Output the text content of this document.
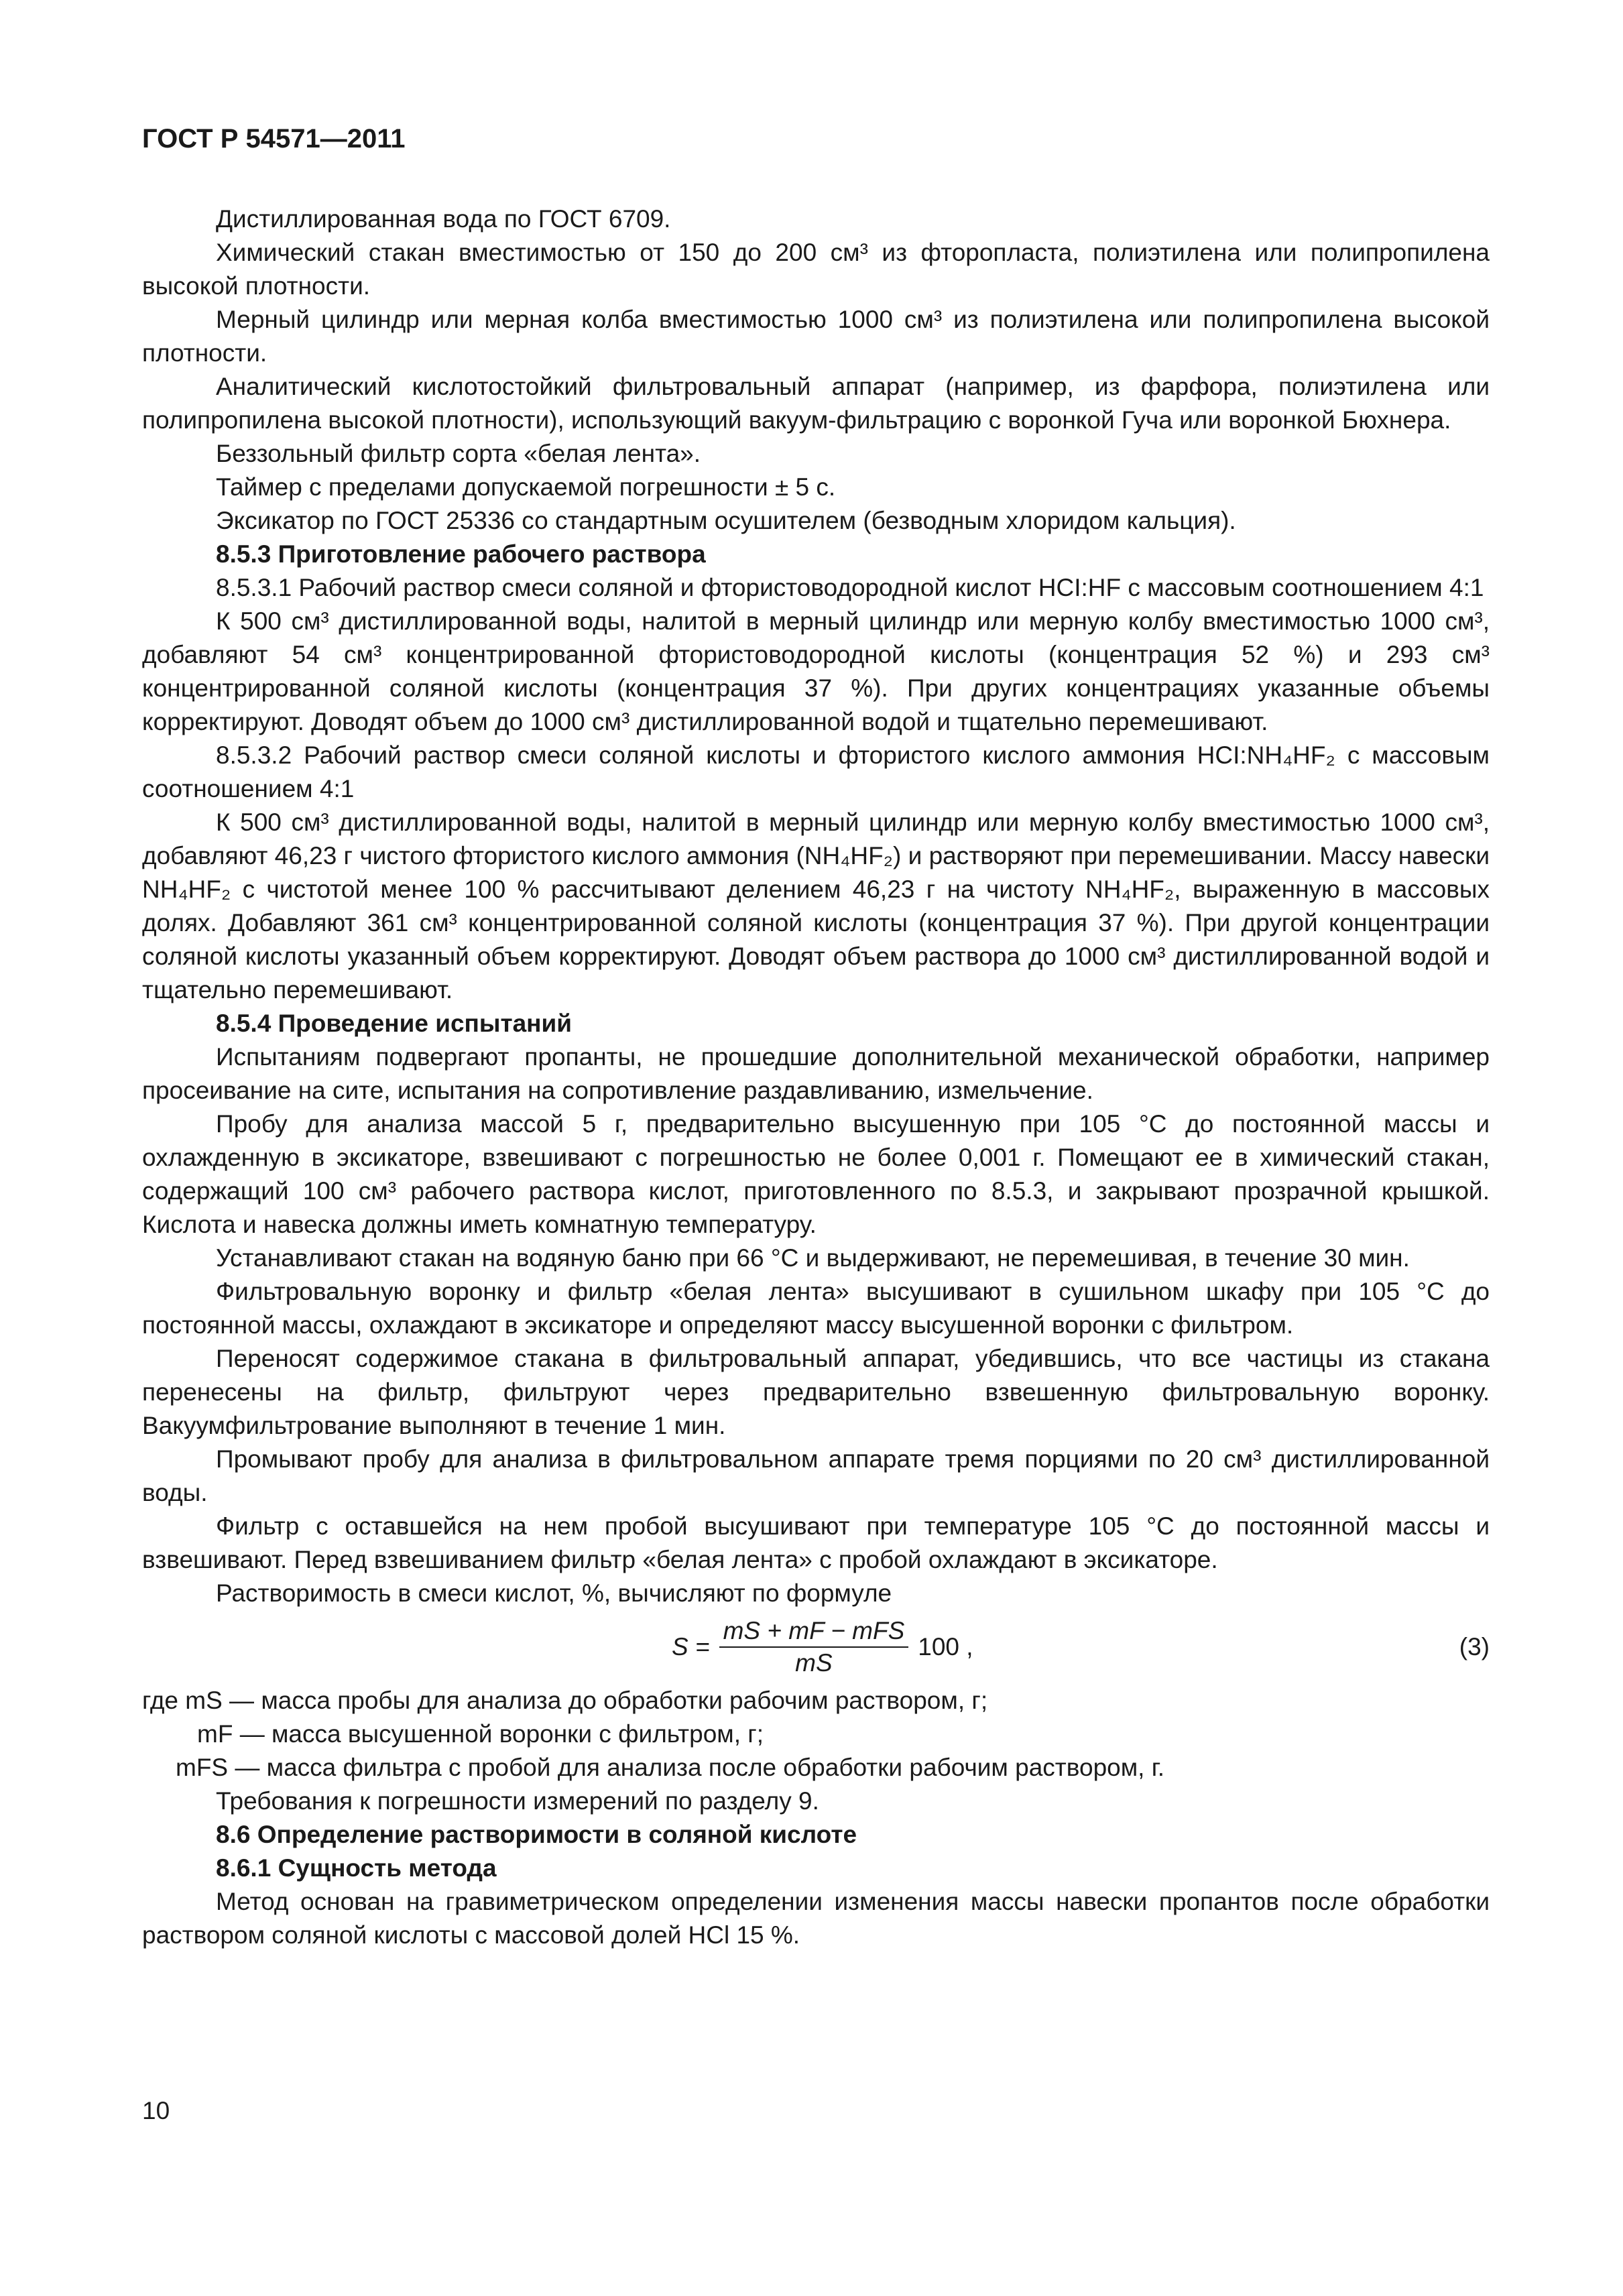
ГОСТ Р 54571—2011
Дистиллированная вода по ГОСТ 6709.
Химический стакан вместимостью от 150 до 200 см³ из фторопласта, полиэтилена или полипропилена высокой плотности.
Мерный цилиндр или мерная колба вместимостью 1000 см³ из полиэтилена или полипропилена высокой плотности.
Аналитический кислотостойкий фильтровальный аппарат (например, из фарфора, полиэтилена или полипропилена высокой плотности), использующий вакуум-фильтрацию с воронкой Гуча или воронкой Бюхнера.
Беззольный фильтр сорта «белая лента».
Таймер с пределами допускаемой погрешности ± 5 с.
Эксикатор по ГОСТ 25336 со стандартным осушителем (безводным хлоридом кальция).
8.5.3 Приготовление рабочего раствора
8.5.3.1 Рабочий раствор смеси соляной и фтористоводородной кислот HCI:HF с массовым соотношением 4:1
К 500 см³ дистиллированной воды, налитой в мерный цилиндр или мерную колбу вместимостью 1000 см³, добавляют 54 см³ концентрированной фтористоводородной кислоты (концентрация 52 %) и 293 см³ концентрированной соляной кислоты (концентрация 37 %). При других концентрациях указанные объемы корректируют. Доводят объем до 1000 см³ дистиллированной водой и тщательно перемешивают.
8.5.3.2 Рабочий раствор смеси соляной кислоты и фтористого кислого аммония HCI:NH₄HF₂ с массовым соотношением 4:1
К 500 см³ дистиллированной воды, налитой в мерный цилиндр или мерную колбу вместимостью 1000 см³, добавляют 46,23 г чистого фтористого кислого аммония (NH₄HF₂) и растворяют при перемешивании. Массу навески NH₄HF₂ с чистотой менее 100 % рассчитывают делением 46,23 г на чистоту NH₄HF₂, выраженную в массовых долях. Добавляют 361 см³ концентрированной соляной кислоты (концентрация 37 %). При другой концентрации соляной кислоты указанный объем корректируют. Доводят объем раствора до 1000 см³ дистиллированной водой и тщательно перемешивают.
8.5.4 Проведение испытаний
Испытаниям подвергают пропанты, не прошедшие дополнительной механической обработки, например просеивание на сите, испытания на сопротивление раздавливанию, измельчение.
Пробу для анализа массой 5 г, предварительно высушенную при 105 °С до постоянной массы и охлажденную в эксикаторе, взвешивают с погрешностью не более 0,001 г. Помещают ее в химический стакан, содержащий 100 см³ рабочего раствора кислот, приготовленного по 8.5.3, и закрывают прозрачной крышкой. Кислота и навеска должны иметь комнатную температуру.
Устанавливают стакан на водяную баню при 66 °С и выдерживают, не перемешивая, в течение 30 мин.
Фильтровальную воронку и фильтр «белая лента» высушивают в сушильном шкафу при 105 °С до постоянной массы, охлаждают в эксикаторе и определяют массу высушенной воронки с фильтром.
Переносят содержимое стакана в фильтровальный аппарат, убедившись, что все частицы из стакана перенесены на фильтр, фильтруют через предварительно взвешенную фильтровальную воронку. Вакуумфильтрование выполняют в течение 1 мин.
Промывают пробу для анализа в фильтровальном аппарате тремя порциями по 20 см³ дистиллированной воды.
Фильтр с оставшейся на нем пробой высушивают при температуре 105 °С до постоянной массы и взвешивают. Перед взвешиванием фильтр «белая лента» с пробой охлаждают в эксикаторе.
Растворимость в смеси кислот, %, вычисляют по формуле
$S = \frac{\text{mS + mF − mFS}}{mS} 100$ ,	(3)
где mS — масса пробы для анализа до обработки рабочим раствором, г;
mF — масса высушенной воронки с фильтром, г;
mFS — масса фильтра с пробой для анализа после обработки рабочим раствором, г.
Требования к погрешности измерений по разделу 9.
8.6 Определение растворимости в соляной кислоте
8.6.1 Сущность метода
Метод основан на гравиметрическом определении изменения массы навески пропантов после обработки раствором соляной кислоты с массовой долей HCl 15 %.
10
